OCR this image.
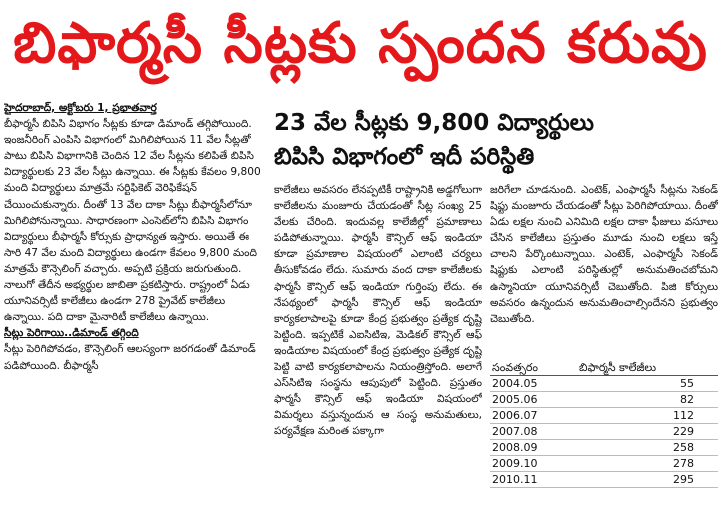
బిఫార్మసీ సీట్లకు స్పందన కరువు

హైదరాబాద్, అక్టోబరు 1, ప్రభాతవార్త

బీఫార్మసీ బిపిసి విభాగం సీట్లకు కూడా డిమాండ్ తగ్గిపోయింది. ఇంజనీరింగ్ ఎంపిసి విభాగంలో మిగిలిపోయిన 11 వేల సీట్లతో పాటు బిపిసి విభాగానికి చెందిన 12 వేల సీట్లను కలిపితే బిపిసి విద్యార్థులకు 23 వేల సీట్లు ఉన్నాయి. ఈ సీట్లకు కేవలం 9,800 మంది విద్యార్థులు మాత్రమే సర్టిఫికెట్ వెరిఫికేషన్ చేయించుకున్నారు. దీంతో 13 వేల దాకా సీట్లు బీఫార్మసీలోనూ మిగిలిపోనున్నాయి. సాధారణంగా ఎంసెట్‌లోని బిపిసి విభాగం విద్యార్థులు బీఫార్మసీ కోర్సుకు ప్రాధాన్యత ఇస్తారు. అయితే ఈ సారి 47 వేల మంది విద్యార్థులు ఉండగా కేవలం 9,800 మంది మాత్రమే కౌన్సెలింగ్ వచ్చారు. అప్పటి ప్రక్రియ జరుగుతుంది. నాలుగో తేదీన అభ్యర్థుల జాబితా ప్రకటిస్తారు. రాష్ట్రంలో ఏడు యూనివర్సిటీ కాలేజీలు ఉండగా 278 ప్రైవేట్ కాలేజీలు ఉన్నాయి. పది దాకా మైనారిటీ కాలేజీలు ఉన్నాయి.

సీట్లు పెరిగాయి..డిమాండ్ తగ్గింది

సీట్లు పెరిగిపోవడం, కౌన్సెలింగ్ ఆలస్యంగా జరగడంతో డిమాండ్ పడిపోయింది. బీఫార్మసీ

23 వేల సీట్లకు 9,800 విద్యార్థులు
బిపిసి విభాగంలో ఇదీ పరిస్థితి

కాలేజీలు అవసరం లేనప్పటికీ రాష్ట్రానికి అడ్డగోలుగా కాలేజీలను మంజూరు చేయడంతో సీట్ల సంఖ్య 25 వేలకు చేరింది. ఇందువల్ల కాలేజీల్లో ప్రమాణాలు పడిపోతున్నాయి. ఫార్మసీ కౌన్సిల్ ఆఫ్ ఇండియా కూడా ప్రమాణాల విషయంలో ఎలాంటి చర్యలు తీసుకోవడం లేదు. సుమారు వంద దాకా కాలేజీలకు ఫార్మసీ కౌన్సిల్ ఆఫ్ ఇండియా గుర్తింపు లేదు. ఈ నేపథ్యంలో ఫార్మసీ కౌన్సిల్ ఆఫ్ ఇండియా కార్యకలాపాలపై కూడా కేంద్ర ప్రభుత్వం ప్రత్యేక దృష్టి పెట్టింది. ఇప్పటికే ఎఐసిటిఇ, మెడికల్ కౌన్సిల్ ఆఫ్ ఇండియాల విషయంలో కేంద్ర ప్రభుత్వం ప్రత్యేక దృష్టి పెట్టి వాటి కార్యకలాపాలను నియంత్రిస్తోంది. అలాగే ఎస్‌సిటిఇ సంస్థను ఆపుపులో పెట్టింది. ప్రస్తుతం ఫార్మసీ కౌన్సిల్ ఆఫ్ ఇండియా విషయంలో విమర్శలు వస్తున్నందున ఆ సంస్థ అనుమతులు, పర్యవేక్షణ మరింత పక్కాగా

జరిగేలా చూడనుంది. ఎంటెక్, ఎంఫార్మసీ సీట్లను సెకండ్ షిఫ్టు మంజూరు చేయడంతో సీట్లు పెరిగిపోయాయి. దీంతో ఏడు లక్షల నుంచి ఎనిమిది లక్షల దాకా ఫీజులు వసూలు చేసిన కాలేజీలు ప్రస్తుతం మూడు నుంచి లక్షలు ఇస్తే చాలని పేర్కొంటున్నాయి. ఎంటెక్, ఎంఫార్మసీ సెకండ్ షిఫ్టుకు ఎలాంటి పరిస్థితుల్లో అనుమతించబోమని ఉస్మానియా యూనివర్సిటీ చెబుతోంది. పిజి కోర్సులు అవసరం ఉన్నందున అనుమతించాల్సిందేనని ప్రభుత్వం చెబుతోంది.

సంవత్సరం	బిఫార్మసీ కాలేజీలు
2004.05	55
2005.06	82
2006.07	112
2007.08	229
2008.09	258
2009.10	278
2010.11	295
